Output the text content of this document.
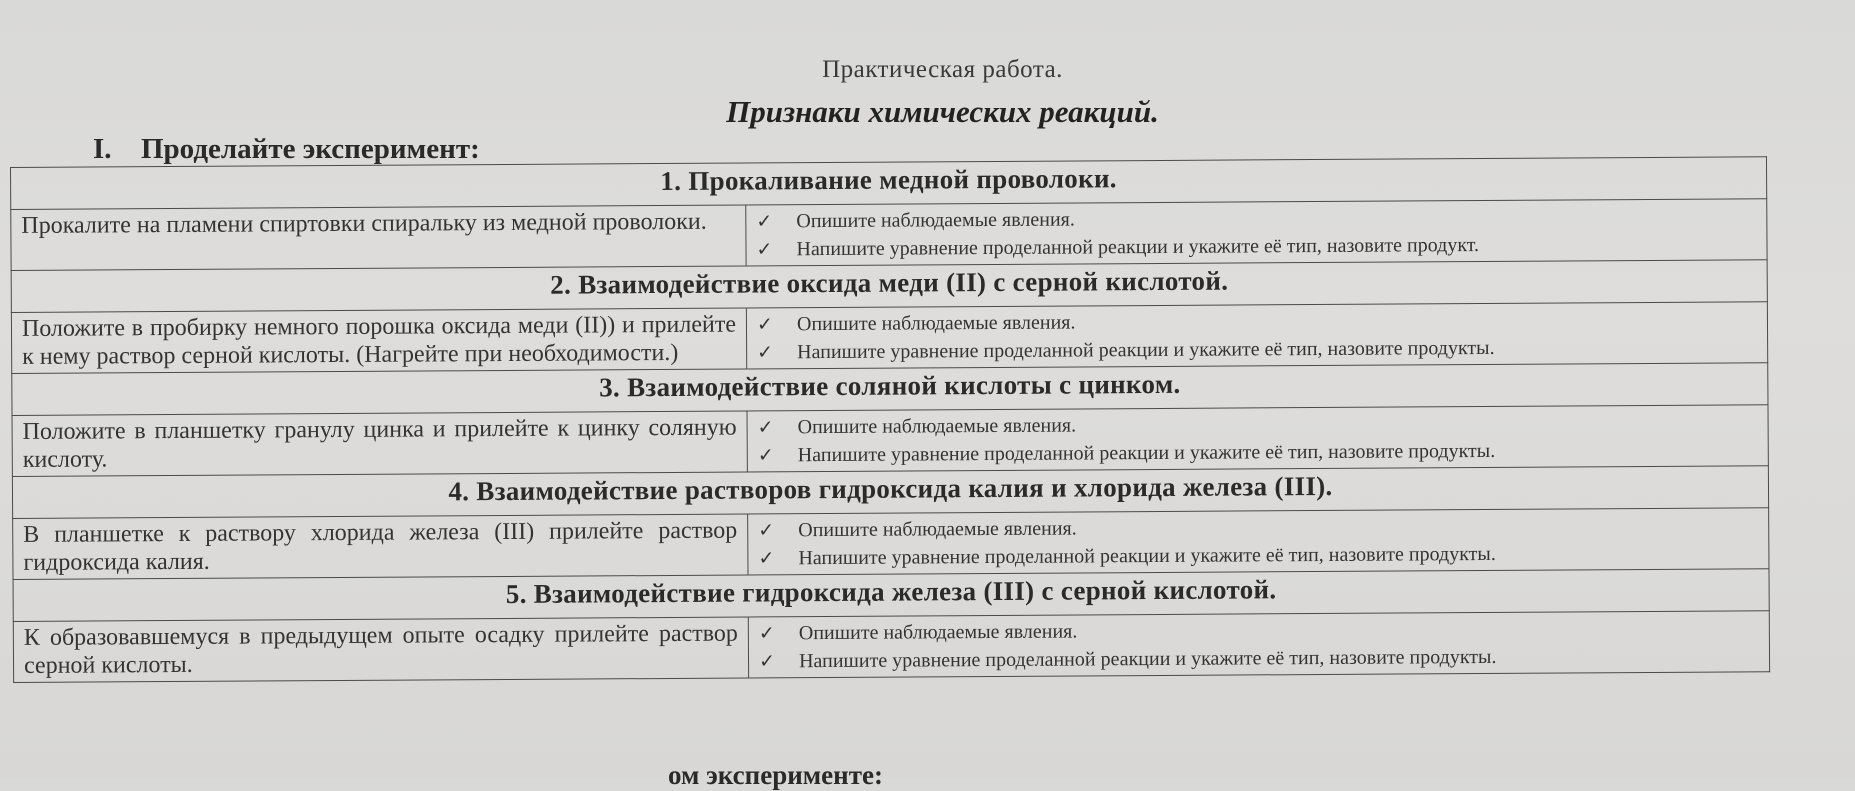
Практическая работа.
Признаки химических реакций.
I. Проделайте эксперимент:
1. Прокаливание медной проволоки.	
Прокалите на пламени спиртовки спиральку из медной проволоки.	✓ Опишите наблюдаемые явления.
✓ Напишите уравнение проделанной реакции и укажите её тип, назовите продукт.

2. Взаимодействие оксида меди (II) с серной кислотой.	
Положите в пробирку немного порошка оксида меди (II)) и прилейте к нему раствор серной кислоты. (Нагрейте при необходимости.)	✓ Опишите наблюдаемые явления.
✓ Напишите уравнение проделанной реакции и укажите её тип, назовите продукты.

3. Взаимодействие соляной кислоты с цинком.	
Положите в планшетку гранулу цинка и прилейте к цинку соляную кислоту.	✓ Опишите наблюдаемые явления.
✓ Напишите уравнение проделанной реакции и укажите её тип, назовите продукты.

4. Взаимодействие растворов гидроксида калия и хлорида железа (III).	
В планшетке к раствору хлорида железа (III) прилейте раствор гидроксида калия.	✓ Опишите наблюдаемые явления.
✓ Напишите уравнение проделанной реакции и укажите её тип, назовите продукты.

5. Взаимодействие гидроксида железа (III) с серной кислотой.	
К образовавшемуся в предыдущем опыте осадку прилейте раствор серной кислоты.	✓ Опишите наблюдаемые явления.
✓ Напишите уравнение проделанной реакции и укажите её тип, назовите продукты.
ом эксперименте:
